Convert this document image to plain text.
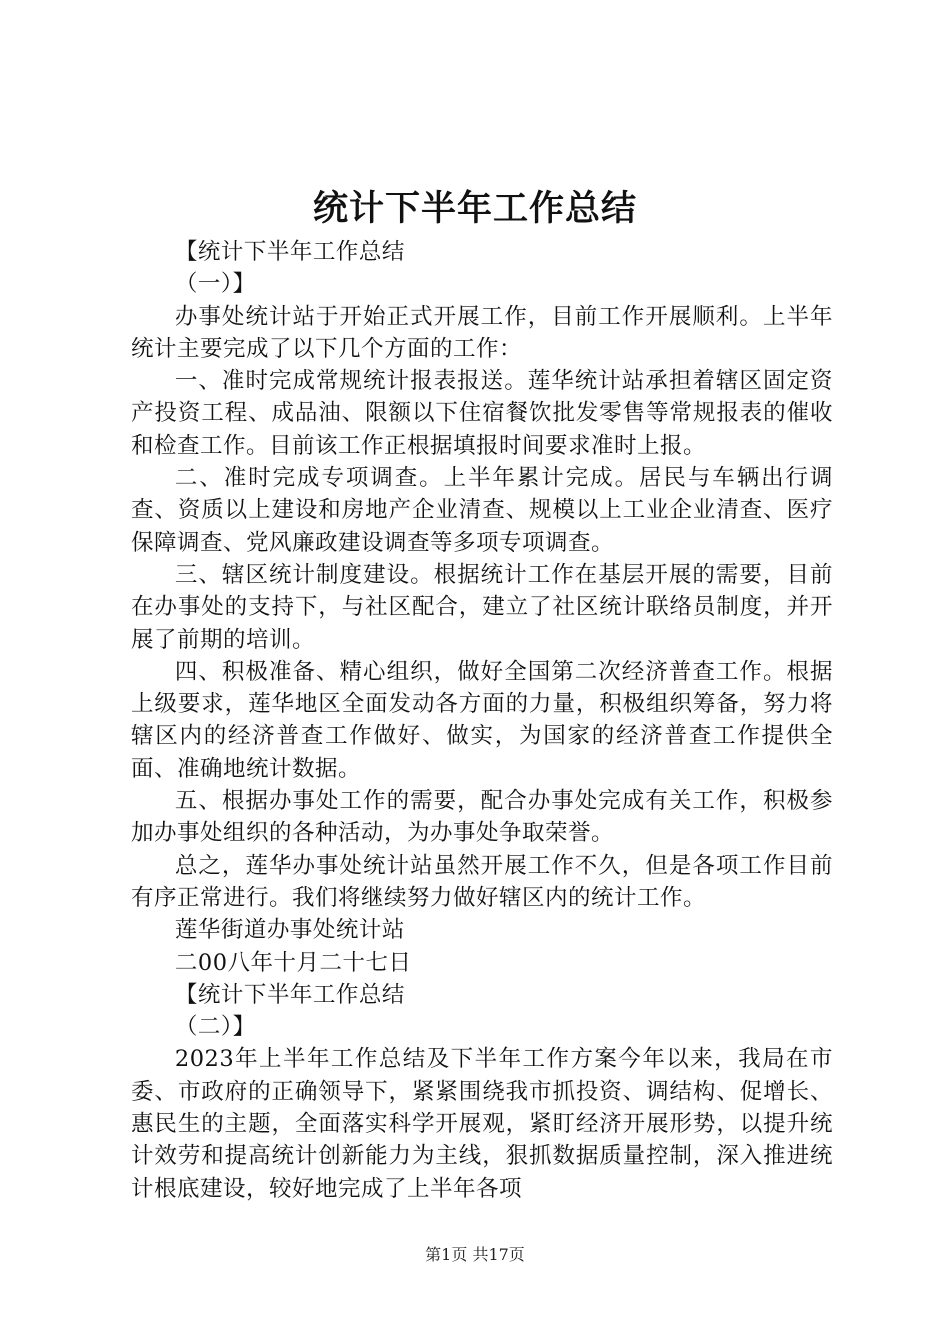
统计下半年工作总结

【统计下半年工作总结

（一）】

办事处统计站于开始正式开展工作，目前工作开展顺利。上半年统计主要完成了以下几个方面的工作：

一、准时完成常规统计报表报送。莲华统计站承担着辖区固定资产投资工程、成品油、限额以下住宿餐饮批发零售等常规报表的催收和检查工作。目前该工作正根据填报时间要求准时上报。

二、准时完成专项调查。上半年累计完成。居民与车辆出行调查、资质以上建设和房地产企业清查、规模以上工业企业清查、医疗保障调查、党风廉政建设调查等多项专项调查。

三、辖区统计制度建设。根据统计工作在基层开展的需要，目前在办事处的支持下，与社区配合，建立了社区统计联络员制度，并开展了前期的培训。

四、积极准备、精心组织，做好全国第二次经济普查工作。根据上级要求，莲华地区全面发动各方面的力量，积极组织筹备，努力将辖区内的经济普查工作做好、做实，为国家的经济普查工作提供全面、准确地统计数据。

五、根据办事处工作的需要，配合办事处完成有关工作，积极参加办事处组织的各种活动，为办事处争取荣誉。

总之，莲华办事处统计站虽然开展工作不久，但是各项工作目前有序正常进行。我们将继续努力做好辖区内的统计工作。

莲华街道办事处统计站

二00八年十月二十七日

【统计下半年工作总结

（二）】

2023年上半年工作总结及下半年工作方案今年以来，我局在市委、市政府的正确领导下，紧紧围绕我市抓投资、调结构、促增长、惠民生的主题，全面落实科学开展观，紧盯经济开展形势，以提升统计效劳和提高统计创新能力为主线，狠抓数据质量控制，深入推进统计根底建设，较好地完成了上半年各项

第1页 共17页
